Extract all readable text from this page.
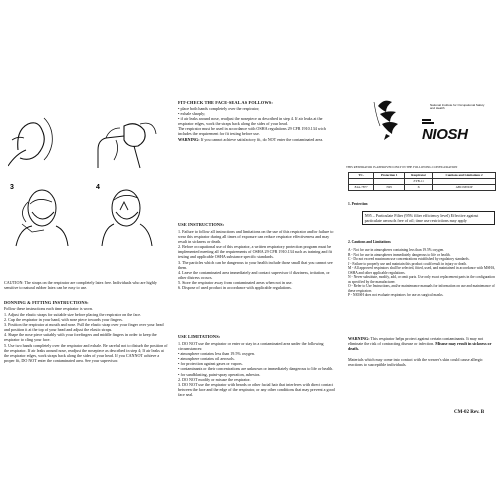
3	4
CAUTION: The straps on the respirator are completely latex free. Individuals who are highly sensitive to natural rubber latex can be easy to use.
DONNING & FITTING INSTRUCTIONS:
Follow these instructions each time respirator is worn.

1. Adjust the elastic straps for suitable size before placing the respirator on the face.

2. Cup the respirator in your hand, with nose piece towards your fingers.

3. Position the respirator at mouth and nose. Pull the elastic strap over your finger over your head and position it at the top of your head and adjust the elastic straps.

4. Shape the nose piece suitably with your forefingers and middle fingers in order to keep the respirator to cling your face.

5. Use two hands completely over the respirator and exhale. Be careful not to disturb the position of the respirator. If air leaks around nose, readjust the nosepiece as described in step 4; If air leaks at the respirator edges, work straps back along the sides of your head. If you CANNOT achieve a proper fit, DO NOT enter the contaminated area. See your supervisor.

FIT-CHECK THE FACE-SEAL AS FOLLOWS:

• place both hands completely over the respirator;

• exhale sharply;

• if air leaks around nose, readjust the nosepiece as described in step 4. If air leaks at the respirator edges, work the straps back along the sides of your head.

The respirator must be used in accordance with OSHA regulations 29 CFR 1910.134 wich includes the requirement for fit testing before use.

WARNING: If you cannot achieve satisfactory fit, do NOT enter the contaminated area.

USE INSTRUCTIONS:

1. Failure to follow all instructions and limitations on the use of this respirator and/or failure to wear this respirator during all times of exposure can reduce respirator effectiveness and may result in sickness or death.

2. Before occupational use of this respirator, a written respiratory protection program must be implemented meeting all the requirements of OSHA 29 CFR 1910.134 such as training and fit testing and applicable OSHA substance specific standards.

3. The particles which can be dangerous to your health include those small that you cannot see them.

4. Leave the contaminated area immediately and contact supervisor if dizziness, irritation, or other distress occurs.

5. Store the respirator away from contaminated areas when not in use.

6. Dispose of used product in accordance with applicable regulations.

USE LIMITATIONS:

1. DO NOT use the respirator or enter or stay in a contaminated area under the following circumstances:

• atmosphere contains less than 19.5% oxygen.

• atmosphere contains oil aerosols.

• for protection against gases or vapors.

• contaminants or their concentrations are unknown or immediately dangerous to life or health.

• for sandblasting, paint-spray operation, asbestos.

2. DO NOT modify or misuse the respirator.

3. DO NOT use the respirator with beards or other facial hair that interferes with direct contact between the face and the edge of the respirator, or any other conditions that may prevent a good face seal.

National Institute for Occupational Safety and Health
NIOSH
THIS RESPIRATOR IS APPROVED ONLY IN THE FOLLOWING CONFIGURATION
TC-	Protection 1	Respirator	Cautions and Limitations 2
		ZYB-11	
84A-7877	N95	X	ABCJMNOP
1. Protection
N95 – Particulate Filter (95% filter efficiency level) Effective against particulate aerosols free of oil; time use restrictions may apply
2. Cautions and Limitations

A - Not for use in atmospheres containing less than 19.5% oxygen.

B - Not for use in atmospheres immediately dangerous to life or health.

C - Do not exceed maximum use concentrations established by regulatory standards.

J - Failure to properly use and maintain this product could result in injury or death.

M - All approved respirators shall be selected, fitted, used, and maintained in accordance with MSHA, OSHA and other applicable regulations.

N - Never substitute, modify, add, or omit parts. Use only exact replacement parts in the configuration as specified by the manufacturer.

O - Refer to Use Instructions, and/or maintenance manuals for information on use and maintenance of these respirators

P - NIOSH does not evaluate respirators for use as surgical masks.

WARNING: This respirator helps protect against certain contaminants. It may not eliminate the risk of contracting disease or infection. Misuse may result in sickness or death.
Materials which may come into contact with the wearer's skin could cause allergic reactions to susceptible individuals.
CM-02 Rev. B
